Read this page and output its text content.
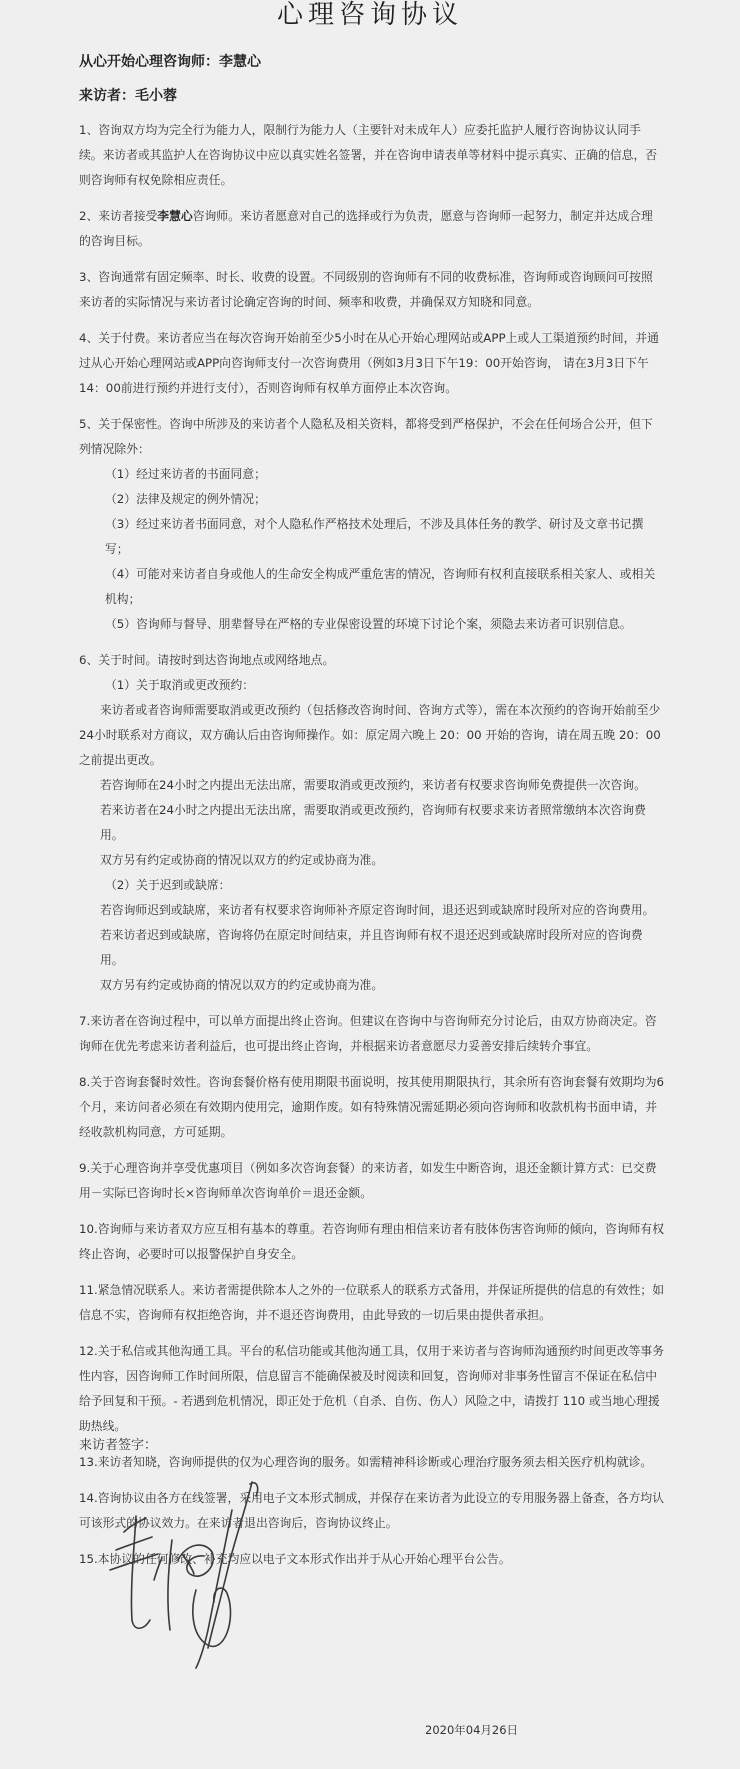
心理咨询协议
从心开始心理咨询师：李慧心
来访者：毛小蓉

1、咨询双方均为完全行为能力人，限制行为能力人（主要针对未成年人）应委托监护人履行咨询协议认同手续。来访者或其监护人在咨询协议中应以真实姓名签署，并在咨询申请表单等材料中提示真实、正确的信息，否则咨询师有权免除相应责任。

2、来访者接受李慧心咨询师。来访者愿意对自己的选择或行为负责，愿意与咨询师一起努力，制定并达成合理的咨询目标。

3、咨询通常有固定频率、时长、收费的设置。不同级别的咨询师有不同的收费标准，咨询师或咨询顾问可按照来访者的实际情况与来访者讨论确定咨询的时间、频率和收费，并确保双方知晓和同意。

4、关于付费。来访者应当在每次咨询开始前至少5小时在从心开始心理网站或APP上或人工渠道预约时间，并通过从心开始心理网站或APP向咨询师支付一次咨询费用（例如3月3日下午19：00开始咨询， 请在3月3日下午14：00前进行预约并进行支付），否则咨询师有权单方面停止本次咨询。

5、关于保密性。咨询中所涉及的来访者个人隐私及相关资料，都将受到严格保护，不会在任何场合公开，但下列情况除外：

（1）经过来访者的书面同意；

（2）法律及规定的例外情况；

（3）经过来访者书面同意，对个人隐私作严格技术处理后，不涉及具体任务的教学、研讨及文章书记撰写；

（4）可能对来访者自身或他人的生命安全构成严重危害的情况，咨询师有权利直接联系相关家人、或相关机构；

（5）咨询师与督导、朋辈督导在严格的专业保密设置的环境下讨论个案，须隐去来访者可识别信息。

6、关于时间。请按时到达咨询地点或网络地点。

（1）关于取消或更改预约：

来访者或者咨询师需要取消或更改预约（包括修改咨询时间、咨询方式等），需在本次预约的咨询开始前至少24小时联系对方商议，双方确认后由咨询师操作。如：原定周六晚上 20：00 开始的咨询，请在周五晚 20：00 之前提出更改。

若咨询师在24小时之内提出无法出席，需要取消或更改预约，来访者有权要求咨询师免费提供一次咨询。

若来访者在24小时之内提出无法出席，需要取消或更改预约，咨询师有权要求来访者照常缴纳本次咨询费用。

双方另有约定或协商的情况以双方的约定或协商为准。

（2）关于迟到或缺席：

若咨询师迟到或缺席，来访者有权要求咨询师补齐原定咨询时间，退还迟到或缺席时段所对应的咨询费用。

若来访者迟到或缺席，咨询将仍在原定时间结束，并且咨询师有权不退还迟到或缺席时段所对应的咨询费用。

双方另有约定或协商的情况以双方的约定或协商为准。

7.来访者在咨询过程中，可以单方面提出终止咨询。但建议在咨询中与咨询师充分讨论后，由双方协商决定。咨询师在优先考虑来访者利益后，也可提出终止咨询，并根据来访者意愿尽力妥善安排后续转介事宜。

8.关于咨询套餐时效性。咨询套餐价格有使用期限书面说明，按其使用期限执行，其余所有咨询套餐有效期均为6个月，来访问者必须在有效期内使用完，逾期作废。如有特殊情况需延期必须向咨询师和收款机构书面申请，并经收款机构同意，方可延期。

9.关于心理咨询并享受优惠项目（例如多次咨询套餐）的来访者，如发生中断咨询，退还金额计算方式：已交费用－实际已咨询时长×咨询师单次咨询单价＝退还金额。

10.咨询师与来访者双方应互相有基本的尊重。若咨询师有理由相信来访者有肢体伤害咨询师的倾向，咨询师有权终止咨询，必要时可以报警保护自身安全。

11.紧急情况联系人。来访者需提供除本人之外的一位联系人的联系方式备用，并保证所提供的信息的有效性；如信息不实，咨询师有权拒绝咨询，并不退还咨询费用，由此导致的一切后果由提供者承担。

12.关于私信或其他沟通工具。平台的私信功能或其他沟通工具，仅用于来访者与咨询师沟通预约时间更改等事务性内容，因咨询师工作时间所限，信息留言不能确保被及时阅读和回复，咨询师对非事务性留言不保证在私信中给予回复和干预。- 若遇到危机情况，即正处于危机（自杀、自伤、伤人）风险之中，请拨打 110 或当地心理援助热线。

13.来访者知晓，咨询师提供的仅为心理咨询的服务。如需精神科诊断或心理治疗服务须去相关医疗机构就诊。

14.咨询协议由各方在线签署，采用电子文本形式制成，并保存在来访者为此设立的专用服务器上备查，各方均认可该形式的协议效力。在来访者退出咨询后，咨询协议终止。

15.本协议的任何修改、补充均应以电子文本形式作出并于从心开始心理平台公告。

来访者签字：
2020年04月26日
